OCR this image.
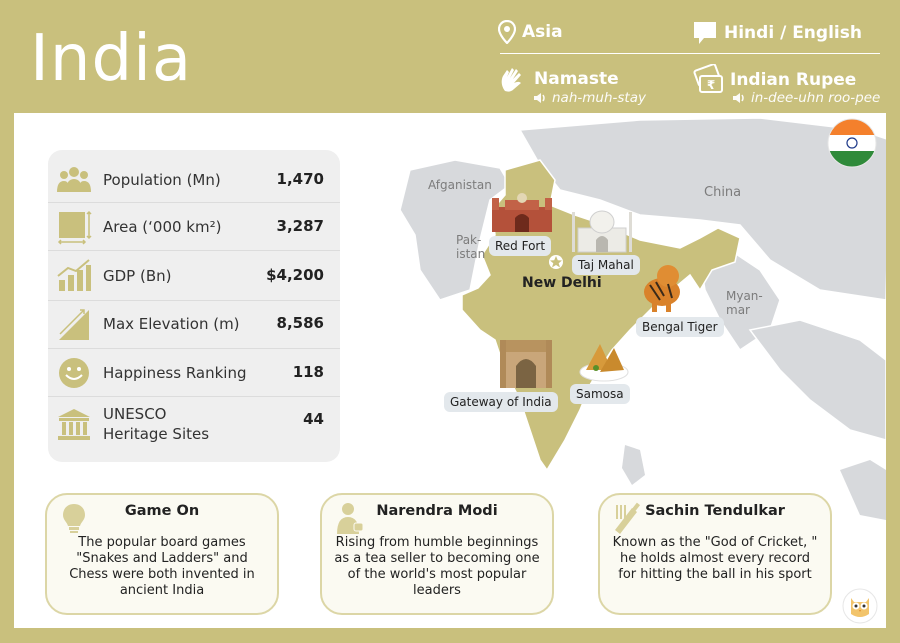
India	Asia	Hindi / English
Namaste
nah-muh-stay
₹ Indian Rupee
in-dee-uhn roo-pee
Afganistan
Pak-
istan
China
Myan-
mar
Red Fort
Taj Mahal
New Delhi
Bengal Tiger
Gateway of India
Samosa
Population (Mn)	1,470
Area (‘000 km²)	3,287
GDP (Bn)	$4,200
Max Elevation (m) 8,586
Happiness Ranking	118
UNESCO Heritage Sites
44
Game On
The popular board games "Snakes and Ladders" and Chess were both invented in ancient India
Narendra Modi
Rising from humble beginnings as a tea seller to becoming one of the world's most popular leaders
Sachin Tendulkar
Known as the "God of Cricket, " he holds almost every record for hitting the ball in his sport
